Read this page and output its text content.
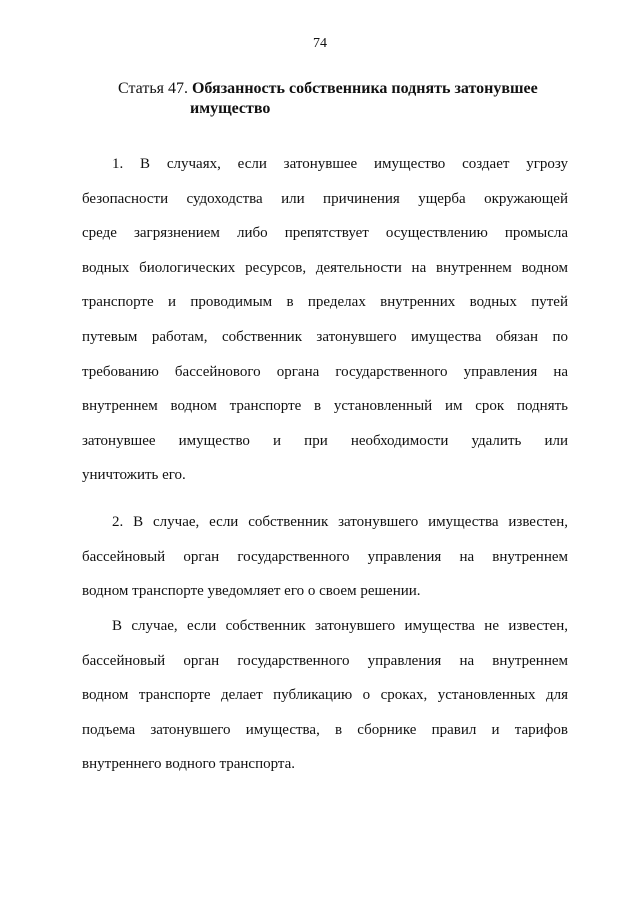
74
Статья 47. Обязанность собственника поднять затонувшее
имущество
1. В случаях, если затонувшее имущество создает угрозу
безопасности судоходства или причинения ущерба окружающей
среде загрязнением либо препятствует осуществлению промысла
водных биологических ресурсов, деятельности на внутреннем водном
транспорте и проводимым в пределах внутренних водных путей
путевым работам, собственник затонувшего имущества обязан по
требованию бассейнового органа государственного управления на
внутреннем водном транспорте в установленный им срок поднять
затонувшее имущество и при необходимости удалить или
уничтожить его.
2. В случае, если собственник затонувшего имущества известен,
бассейновый орган государственного управления на внутреннем
водном транспорте уведомляет его о своем решении.
В случае, если собственник затонувшего имущества не известен,
бассейновый орган государственного управления на внутреннем
водном транспорте делает публикацию о сроках, установленных для
подъема затонувшего имущества, в сборнике правил и тарифов
внутреннего водного транспорта.
